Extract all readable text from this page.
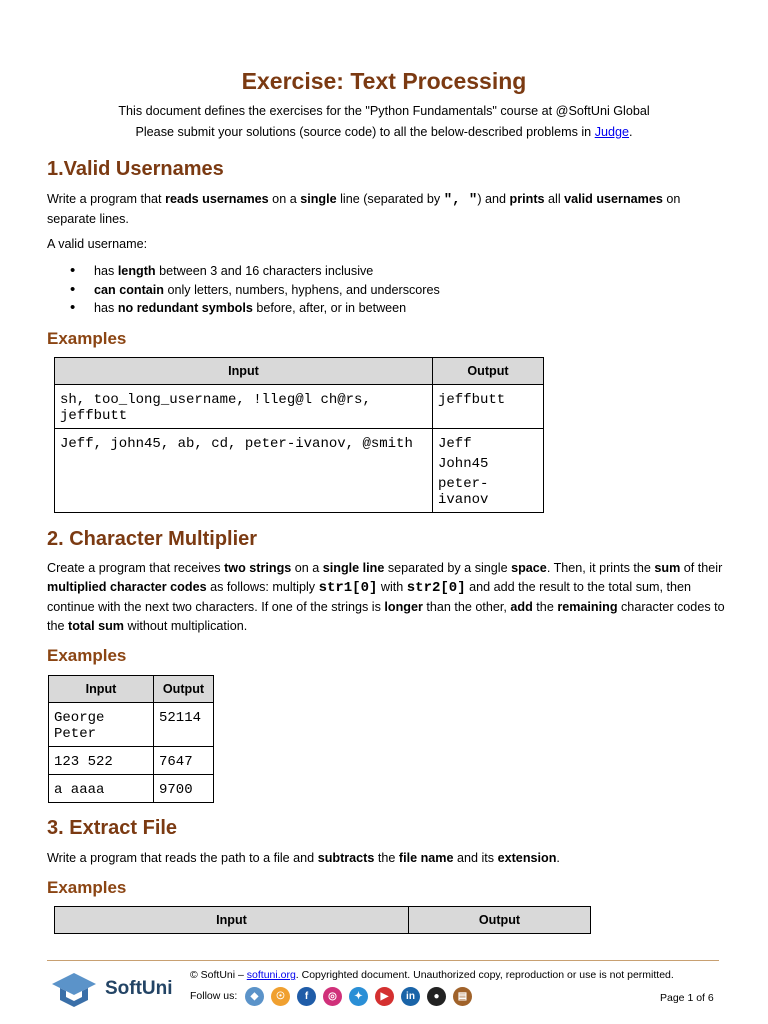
Exercise: Text Processing
This document defines the exercises for the "Python Fundamentals" course at @SoftUni Global
Please submit your solutions (source code) to all the below-described problems in Judge.
1.Valid Usernames

Write a program that reads usernames on a single line (separated by ", ") and prints all valid usernames on separate lines.

A valid username:

• has length between 3 and 16 characters inclusive
• can contain only letters, numbers, hyphens, and underscores
• has no redundant symbols before, after, or in between
Examples
Input	Output
sh, too_long_username, !lleg@l ch@rs, jeffbutt	jeffbutt
Jeff, john45, ab, cd, peter-ivanov, @smith	Jeff
John45
peter-ivanov
2. Character Multiplier

Create a program that receives two strings on a single line separated by a single space. Then, it prints the sum of their multiplied character codes as follows: multiply str1[0] with str2[0] and add the result to the total sum, then continue with the next two characters. If one of the strings is longer than the other, add the remaining character codes to the total sum without multiplication.

Examples
Input	Output
George Peter	52114
123 522	7647
a aaaa	9700
3. Extract File

Write a program that reads the path to a file and subtracts the file name and its extension.

Examples
Input	Output
SoftUni
© SoftUni – softuni.org. Copyrighted document. Unauthorized copy, reproduction or use is not permitted.
Follow us:	◆	☉	f	◎	✦	▶	in	●	▤	Page 1 of 6
